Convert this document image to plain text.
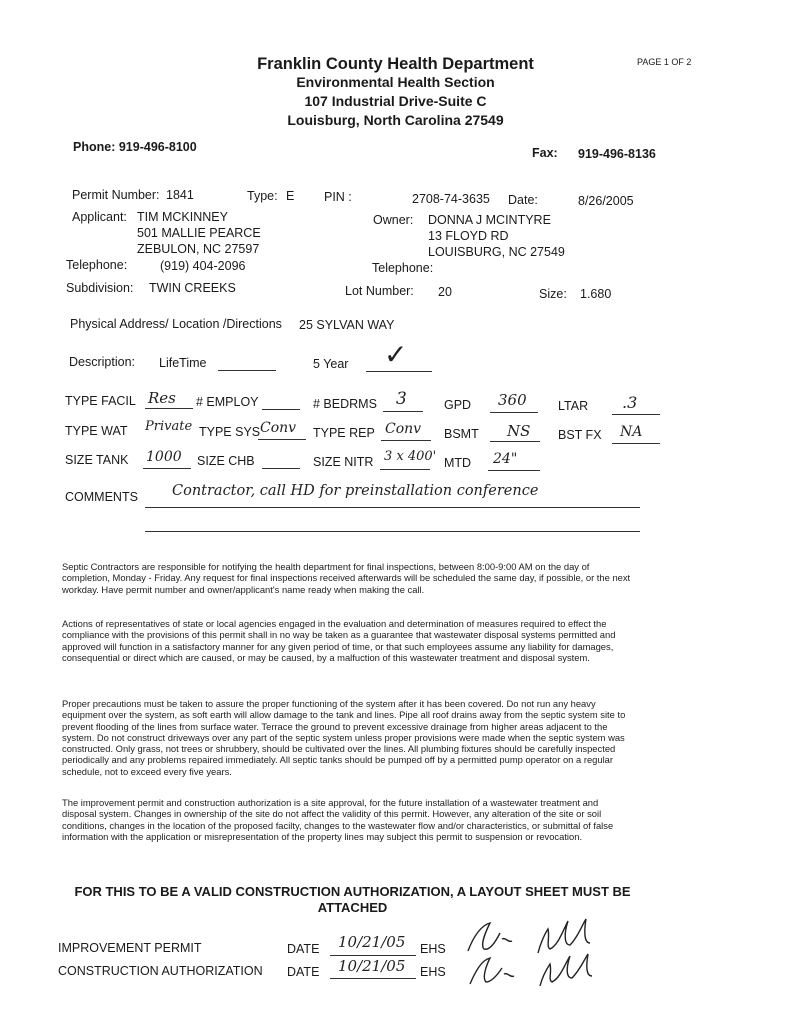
PAGE 1 OF 2
Franklin County Health Department
Environmental Health Section
107 Industrial Drive-Suite C
Louisburg, North Carolina 27549
Phone: 919-496-8100	Fax: 919-496-8136
Permit Number: 1841	Type: E PIN :	2708-74-3635 Date:	8/26/2005
Applicant: TIM MCKINNEY
501 MALLIE PEARCE
ZEBULON, NC 27597
Telephone:	(919) 404-2096
Owner: DONNA J MCINTYRE
13 FLOYD RD
LOUISBURG, NC 27549
Telephone:
Subdivision: TWIN CREEKS	Lot Number: 20	Size: 1.680
Physical Address/ Location /Directions 25 SYLVAN WAY
Description: LifeTime	5 Year ✓
TYPE FACIL Res # EMPLOY	# BEDRMS 3	GPD 360	LTAR .3
TYPE WAT Private TYPE SYS Conv TYPE REP Conv BSMT NS BST FX NA
SIZE TANK 1000 SIZE CHB	SIZE NITR 3 x 400' MTD 24"
COMMENTS Contractor, call HD for preinstallation conference

Septic Contractors are responsible for notifying the health department for final inspections, between 8:00-9:00 AM on the day of completion, Monday - Friday. Any request for final inspections received afterwards will be scheduled the same day, if possible, or the next workday. Have permit number and owner/applicant's name ready when making the call.

Actions of representatives of state or local agencies engaged in the evaluation and determination of measures required to effect the compliance with the provisions of this permit shall in no way be taken as a guarantee that wastewater disposal systems permitted and approved will function in a satisfactory manner for any given period of time, or that such employees assume any liability for damages, consequential or direct which are caused, or may be caused, by a malfuction of this wastewater treatment and disposal system.

Proper precautions must be taken to assure the proper functioning of the system after it has been covered. Do not run any heavy equipment over the system, as soft earth will allow damage to the tank and lines. Pipe all roof drains away from the septic system site to prevent flooding of the lines from surface water. Terrace the ground to prevent excessive drainage from higher areas adjacent to the system. Do not construct driveways over any part of the septic system unless proper provisions were made when the septic system was constructed. Only grass, not trees or shrubbery, should be cultivated over the lines. All plumbing fixtures should be carefully inspected periodically and any problems repaired immediately. All septic tanks should be pumped off by a permitted pump operator on a regular schedule, not to exceed every five years.

The improvement permit and construction authorization is a site approval, for the future installation of a wastewater treatment and disposal system. Changes in ownership of the site do not affect the validity of this permit. However, any alteration of the site or soil conditions, changes in the location of the proposed facilty, changes to the wastewater flow and/or characteristics, or submittal of false information with the application or misrepresentation of the property lines may subject this permit to suspension or revocation.

FOR THIS TO BE A VALID CONSTRUCTION AUTHORIZATION, A LAYOUT SHEET MUST BE
ATTACHED
IMPROVEMENT PERMIT	DATE 10/21/05 EHS
CONSTRUCTION AUTHORIZATION DATE 10/21/05 EHS
